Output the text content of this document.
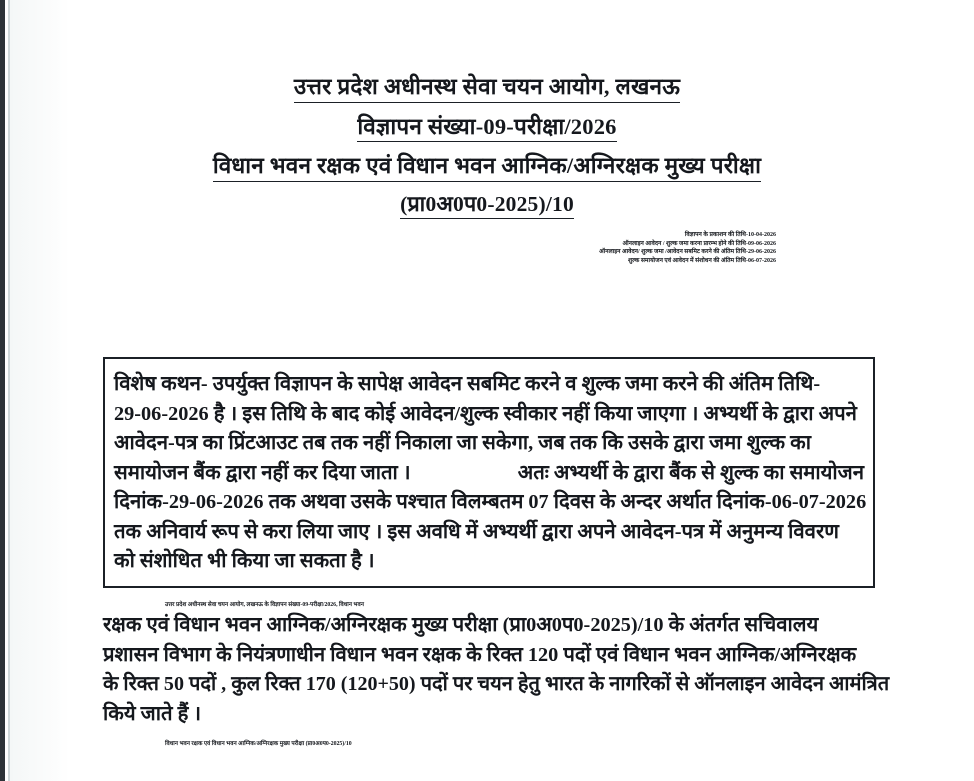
उत्तर प्रदेश अधीनस्थ सेवा चयन आयोग, लखनऊ
विज्ञापन संख्या-09-परीक्षा/2026
विधान भवन रक्षक एवं विधान भवन आग्निक/अग्निरक्षक मुख्य परीक्षा
(प्रा0अ0प0-2025)/10
विज्ञापन के प्रकाशन की तिथि-10-04-2026
ऑनलाइन आवेदन / शुल्क जमा करना प्रारम्भ होने की तिथि-09-06-2026
ऑनलाइन आवेदन/ शुल्क जमा /आवेदन सबमिट करने की अंतिम तिथि-29-06-2026
शुल्क समायोजन एवं आवेदन में संशोधन की अंतिम तिथि-06-07-2026
विशेष कथन- उपर्युक्त विज्ञापन के सापेक्ष आवेदन सबमिट करने व शुल्क जमा करने की अंतिम तिथि-
29-06-2026 है । इस तिथि के बाद कोई आवेदन/शुल्क स्वीकार नहीं किया जाएगा । अभ्यर्थी के द्वारा अपने
आवेदन-पत्र का प्रिंटआउट तब तक नहीं निकाला जा सकेगा, जब तक कि उसके द्वारा जमा शुल्क का
समायोजन बैंक द्वारा नहीं कर दिया जाता ।	अतः अभ्यर्थी के द्वारा बैंक से शुल्क का समायोजन
दिनांक-29-06-2026 तक अथवा उसके पश्चात विलम्बतम 07 दिवस के अन्दर अर्थात दिनांक-06-07-2026
तक अनिवार्य रूप से करा लिया जाए । इस अवधि में अभ्यर्थी द्वारा अपने आवेदन-पत्र में अनुमन्य विवरण
को संशोधित भी किया जा सकता है ।
उत्तर प्रदेश अधीनस्थ सेवा चयन आयोग, लखनऊ के विज्ञापन संख्या-09-परीक्षा/2026, विधान भवन
रक्षक एवं विधान भवन आग्निक/अग्निरक्षक मुख्य परीक्षा (प्रा0अ0प0-2025)/10 के अंतर्गत सचिवालय
प्रशासन विभाग के नियंत्रणाधीन विधान भवन रक्षक के रिक्त 120 पदों एवं विधान भवन आग्निक/अग्निरक्षक
के रिक्त 50 पदों , कुल रिक्त 170 (120+50) पदों पर चयन हेतु भारत के नागरिकों से ऑनलाइन आवेदन आमंत्रित
किये जाते हैं ।
विधान भवन रक्षक एवं विधान भवन आग्निक/अग्निरक्षक मुख्य परीक्षा (प्रा0अ0प0-2025)/10
